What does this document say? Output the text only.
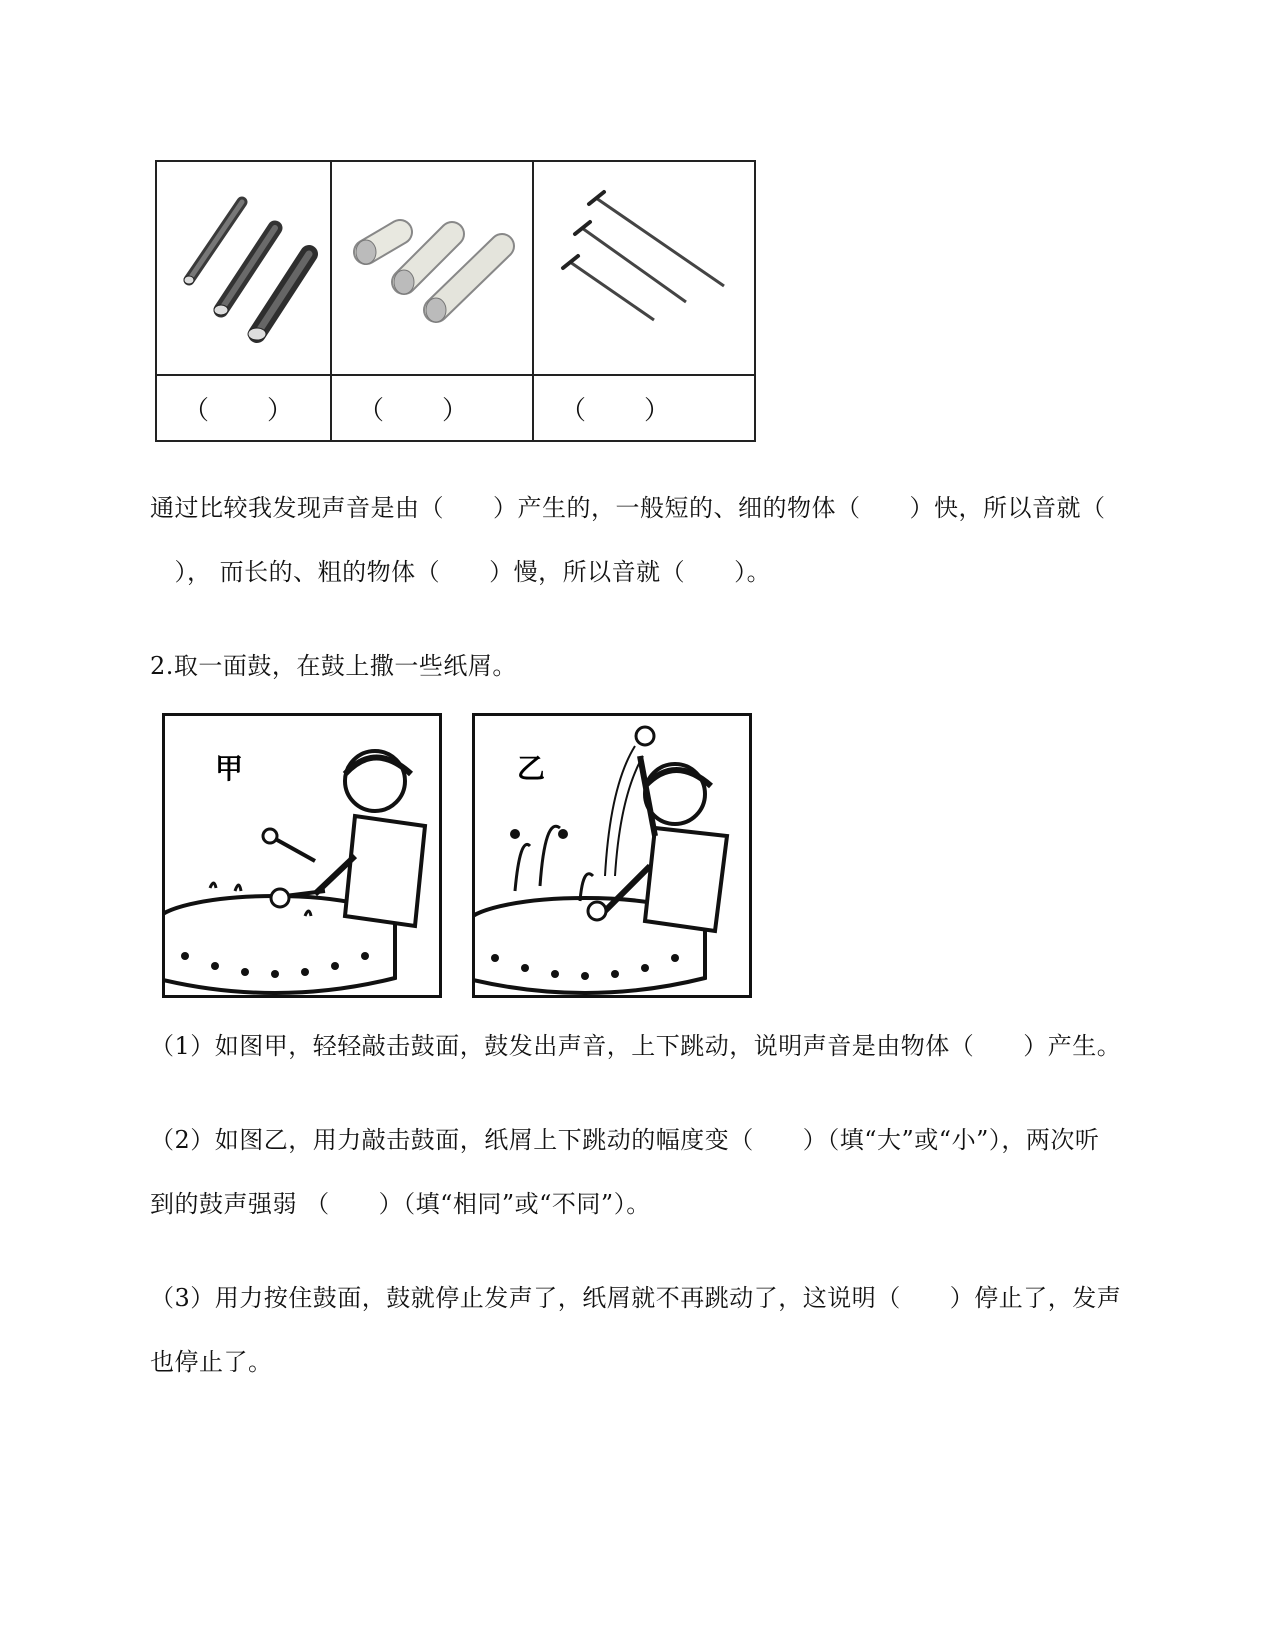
（　　）	（　　）	（　　）
通过比较我发现声音是由（　　）产生的，一般短的、细的物体（　　）快，所以音就（
　）， 而长的、粗的物体（　　）慢，所以音就（　　）。
2.取一面鼓，在鼓上撒一些纸屑。
甲	乙
（1）如图甲，轻轻敲击鼓面，鼓发出声音，上下跳动，说明声音是由物体（　　）产生。
（2）如图乙，用力敲击鼓面，纸屑上下跳动的幅度变（　　）（填“大”或“小”），两次听
到的鼓声强弱 （　　）（填“相同”或“不同”）。
（3）用力按住鼓面，鼓就停止发声了，纸屑就不再跳动了，这说明（　　）停止了，发声
也停止了。
